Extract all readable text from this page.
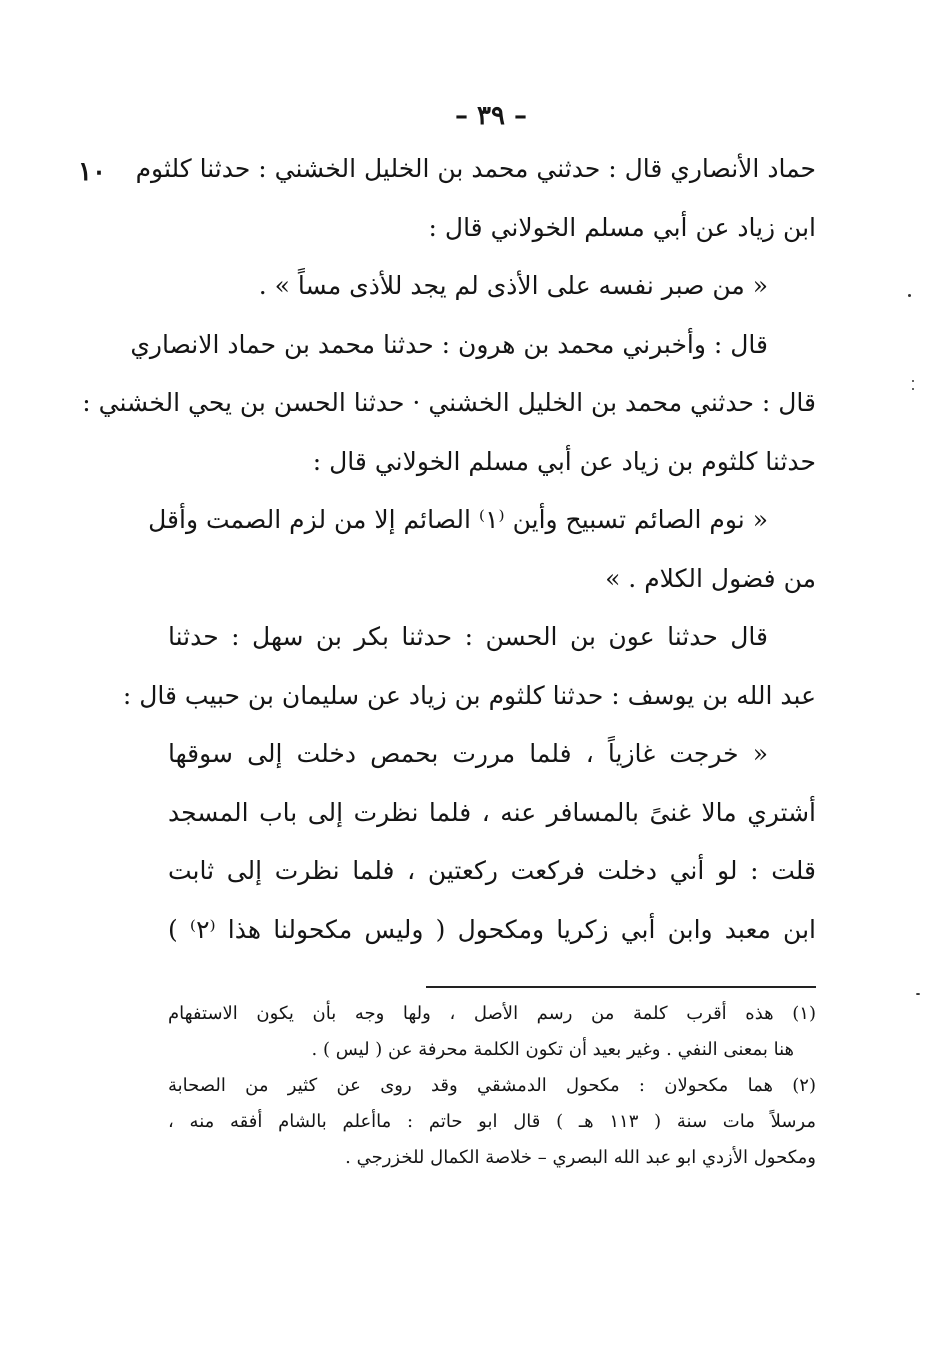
– ٣٩ –
١٠ حماد الأنصاري قال : حدثني محمد بن الخليل الخشني : حدثنا كلثوم
ابن زياد عن أبي مسلم الخولاني قال :
« من صبر نفسه على الأذى لم يجد للأذى مساً » .
قال : وأخبرني محمد بن هرون : حدثنا محمد بن حماد الانصاري
قال : حدثني محمد بن الخليل الخشني · حدثنا الحسن بن يحي الخشني :
حدثنا كلثوم بن زياد عن أبي مسلم الخولاني قال :
« نوم الصائم تسبيح وأين ⁽١⁾ الصائم إلا من لزم الصمت وأقل
من فضول الكلام . »
قال حدثنا عون بن الحسن : حدثنا بكر بن سهل : حدثنا
عبد الله بن يوسف : حدثنا كلثوم بن زياد عن سليمان بن حبيب قال :
« خرجت غازياً ، فلما مررت بحمص دخلت إلى سوقها
أشتري مالا غنىً بالمسافر عنه ، فلما نظرت إلى باب المسجد
قلت : لو أني دخلت فركعت ركعتين ، فلما نظرت إلى ثابت
ابن معبد وابن أبي زكريا ومكحول ( وليس مكحولنا هذا ⁽٢⁾ )
(١) هذه أقرب كلمة من رسم الأصل ، ولها وجه بأن يكون الاستفهام
هنا بمعنى النفي . وغير بعيد أن تكون الكلمة محرفة عن ( ليس ) .
(٢) هما مكحولان : مكحول الدمشقي وقد روى عن كثير من الصحابة
مرسلاً مات سنة ( ١١٣ هـ ) قال ابو حاتم : ماأعلم بالشام أفقه منه ،
ومكحول الأزدي ابو عبد الله البصري – خلاصة الكمال للخزرجي .
